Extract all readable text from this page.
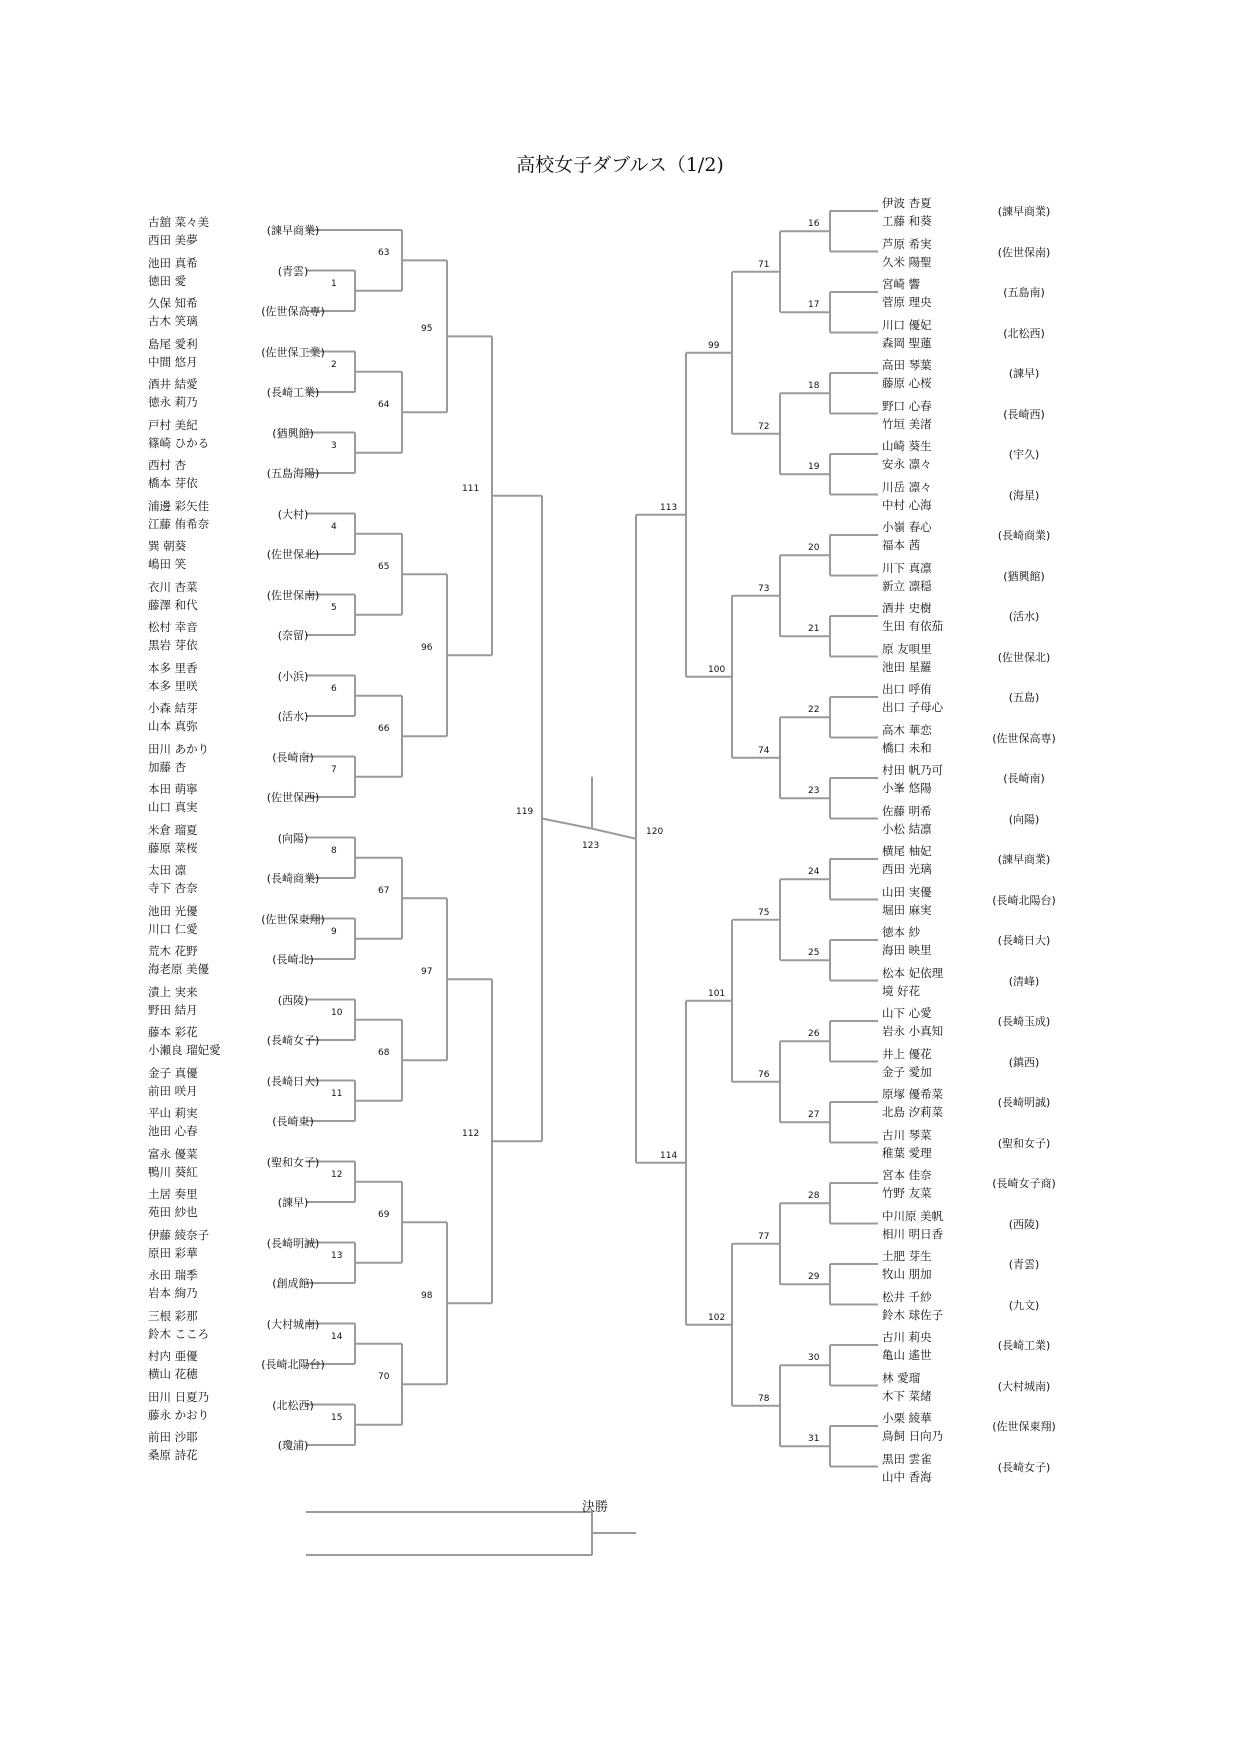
高校女子ダブルス（1/2)
決勝
古舘 菜々美
西田 美夢
(諫早商業)
池田 真希
徳田 愛
(青雲)
久保 知希
古木 笑璃
(佐世保高専)
島尾 愛利
中間 悠月
(佐世保工業)
酒井 結愛
徳永 莉乃
(長崎工業)
戸村 美紀
篠崎 ひかる
(猶興館)
西村 杏
橋本 芽依
(五島海陽)
浦邊 彩矢佳
江藤 侑希奈
(大村)
巽 朝葵
嶋田 笑
(佐世保北)
衣川 杏菜
藤澤 和代
(佐世保南)
松村 幸音
黒岩 芽依
(奈留)
本多 里香
本多 里咲
(小浜)
小森 結芽
山本 真弥
(活水)
田川 あかり
加藤 杏
(長崎南)
本田 萌寧
山口 真実
(佐世保西)
米倉 瑠夏
藤原 菜桜
(向陽)
太田 凛
寺下 杏奈
(長崎商業)
池田 光優
川口 仁愛
(佐世保東翔)
荒木 花野
海老原 美優
(長崎北)
漬上 実来
野田 結月
(西陵)
藤本 彩花
小瀬良 瑠妃愛
(長崎女子)
金子 真優
前田 咲月
(長崎日大)
平山 莉実
池田 心春
(長崎東)
富永 優菜
鴨川 葵紅
(聖和女子)
土居 奏里
苑田 紗也
(諫早)
伊藤 綾奈子
原田 彩華
(長崎明誠)
永田 瑞季
岩本 絢乃
(創成館)
三根 彩那
鈴木 こころ
(大村城南)
村内 亜優
横山 花穂
(長崎北陽台)
田川 日夏乃
藤永 かおり
(北松西)
前田 沙耶
桑原 詩花
(瓊浦)
1
2
3
4
5
6
7
8
9
10
11
12
13
14
15
63
64
65
66
67
68
69
70
95
96
97
98
111
112
119
伊波 杏夏
工藤 和葵
(諫早商業)
芦原 希実
久米 陽聖
(佐世保南)
宮崎 響
菅原 理央
(五島南)
川口 優妃
森岡 聖蓮
(北松西)
高田 琴葉
藤原 心桜
(諫早)
野口 心春
竹垣 美渚
(長崎西)
山崎 葵生
安永 凛々
(宇久)
川岳 凛々
中村 心海
(海星)
小嶺 春心
福本 茜
(長崎商業)
川下 真凛
新立 凛穏
(猶興館)
酒井 史樹
生田 有依茄
(活水)
原 友唄里
池田 星羅
(佐世保北)
出口 呼侑
出口 子母心
(五島)
高木 華恋
橋口 未和
(佐世保高専)
村田 帆乃可
小峯 悠陽
(長崎南)
佐藤 明希
小松 結凛
(向陽)
横尾 柚妃
西田 光璃
(諫早商業)
山田 実優
堀田 麻実
(長崎北陽台)
徳本 紗
海田 映里
(長崎日大)
松本 妃依理
境 好花
(清峰)
山下 心愛
岩永 小真知
(長崎玉成)
井上 優花
金子 愛加
(鎮西)
原塚 優希菜
北島 汐莉菜
(長崎明誠)
古川 琴菜
稚葉 愛理
(聖和女子)
宮本 佳奈
竹野 友菜
(長崎女子商)
中川原 美帆
相川 明日香
(西陵)
土肥 芽生
牧山 朋加
(青雲)
松井 千紗
鈴木 球佐子
(九文)
古川 莉央
亀山 遙世
(長崎工業)
林 愛瑠
木下 菜緒
(大村城南)
小栗 綾華
鳥飼 日向乃
(佐世保東翔)
黒田 雲雀
山中 香海
(長崎女子)
16
17
18
19
20
21
22
23
24
25
26
27
28
29
30
31
71
72
73
74
75
76
77
78
99
100
101
102
113
114
120
123
